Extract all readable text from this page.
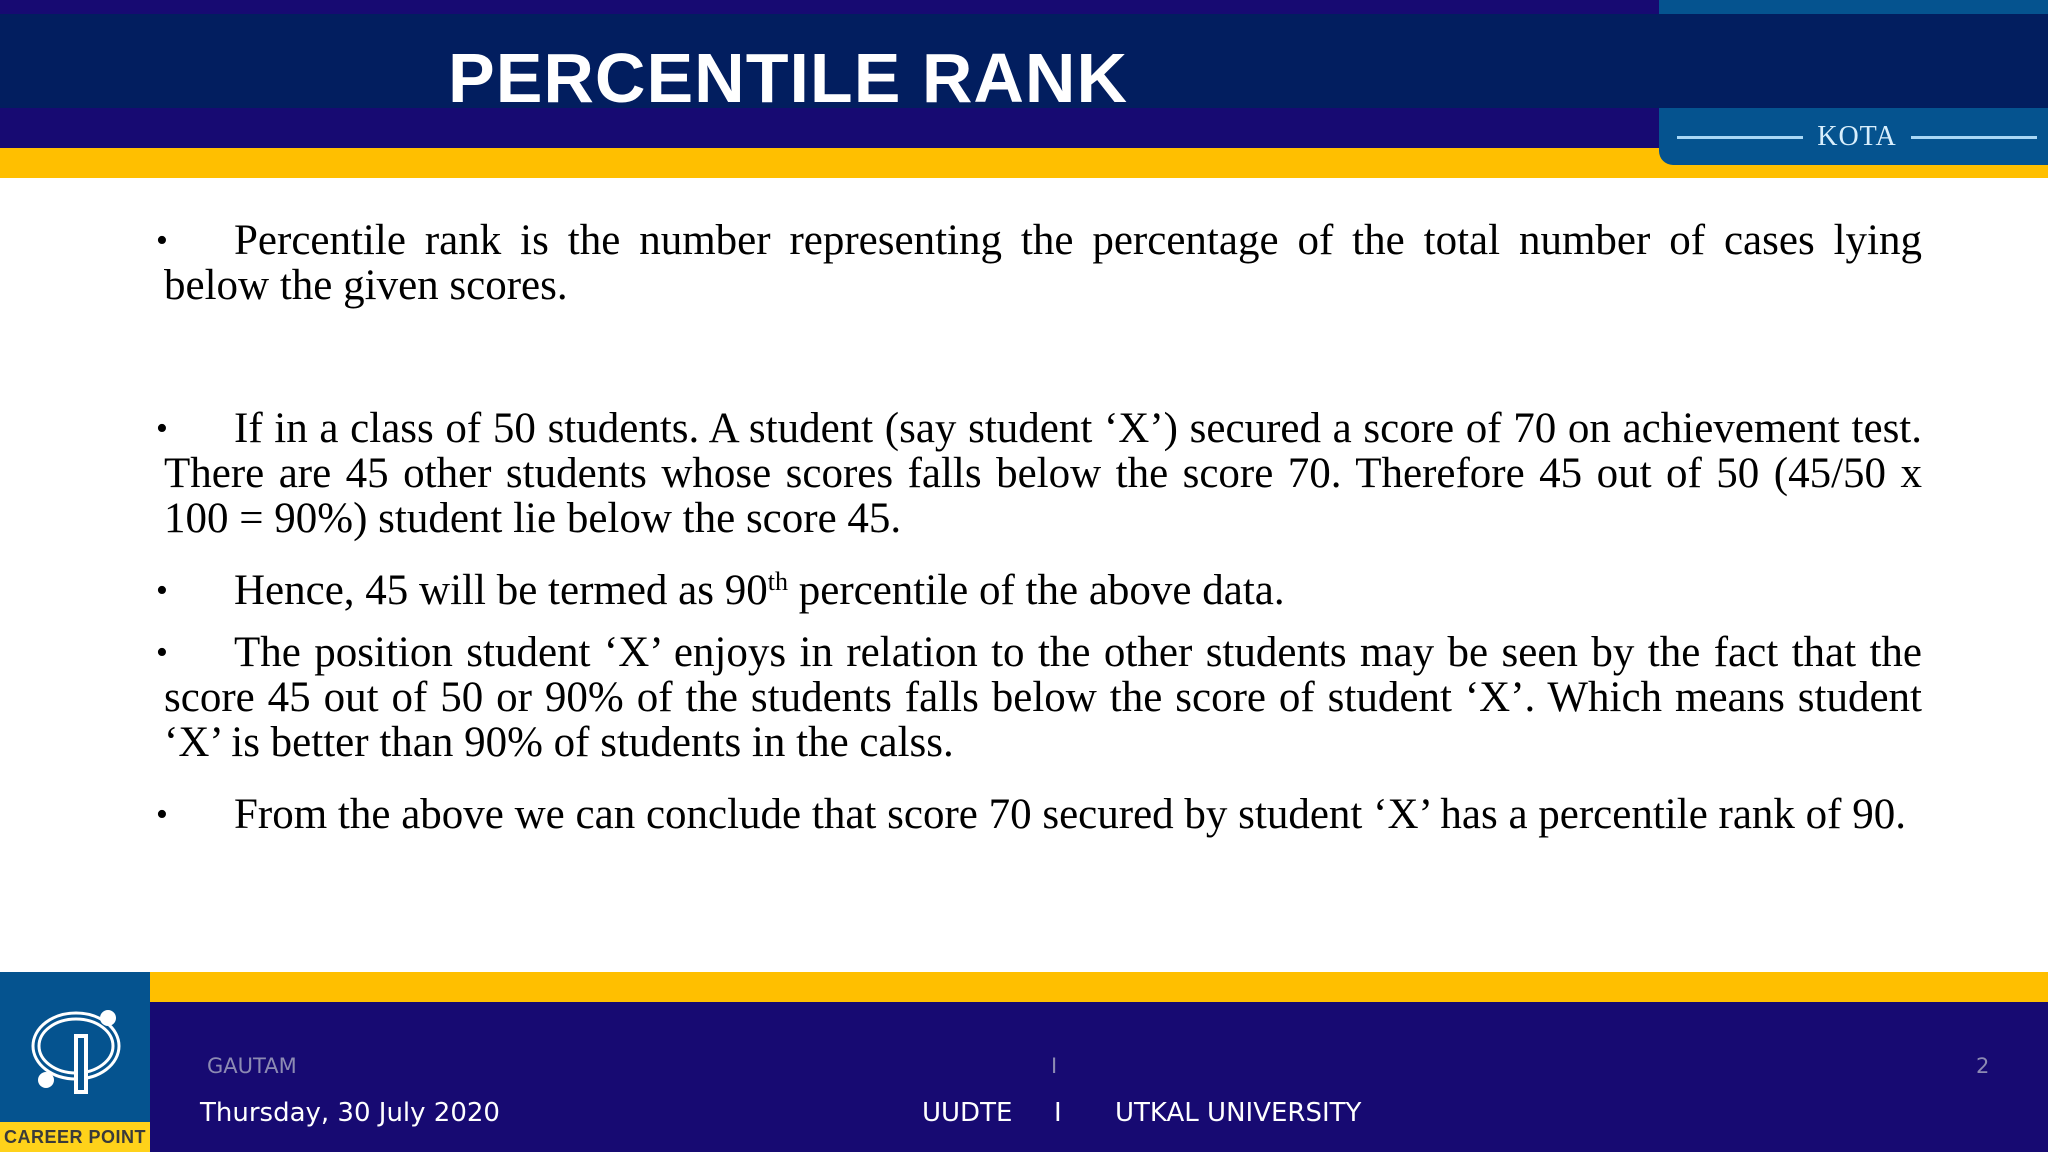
PERCENTILE RANK
KOTA

• Percentile rank is the number representing the percentage of the total number of cases lying below the given scores.

• If in a class of 50 students. A student (say student ‘X’) secured a score of 70 on achievement test. There are 45 other students whose scores falls below the score 70. Therefore 45 out of 50 (45/50 x 100 = 90%) student lie below the score 45.

• Hence, 45 will be termed as 90th percentile of the above data.

• The position student ‘X’ enjoys in relation to the other students may be seen by the fact that the score 45 out of 50 or 90% of the students falls below the score of student ‘X’. Which means student ‘X’ is better than 90% of students in the calss.

• From the above we can conclude that score 70 secured by student ‘X’ has a percentile rank of 90.

CAREER POINT
GAUTAM
Thursday, 30 July 2020
I
UUDTE I UTKAL UNIVERSITY
2
